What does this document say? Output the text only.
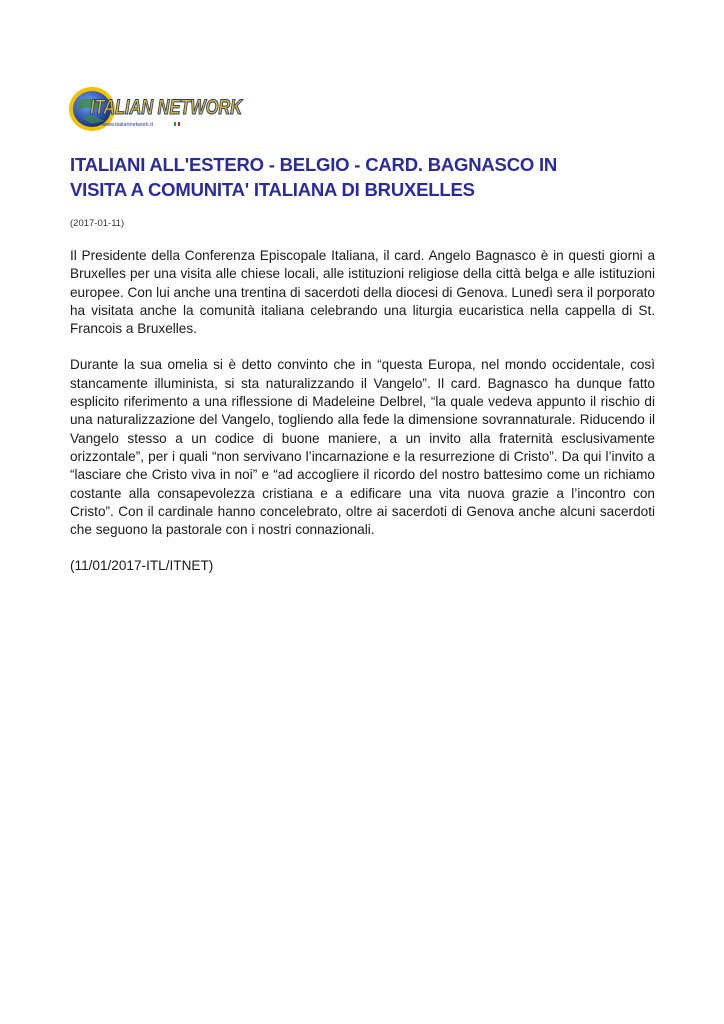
ITALIAN NETWORK
www.italiannetwork.it
ITALIANI ALL'ESTERO - BELGIO - CARD. BAGNASCO IN VISITA A COMUNITA' ITALIANA DI BRUXELLES
(2017-01-11)

Il Presidente della Conferenza Episcopale Italiana, il card. Angelo Bagnasco è in questi giorni a Bruxelles per una visita alle chiese locali, alle istituzioni religiose della città belga e alle istituzioni europee. Con lui anche una trentina di sacerdoti della diocesi di Genova. Lunedì sera il porporato ha visitata anche la comunità italiana celebrando una liturgia eucaristica nella cappella di St. Francois a Bruxelles.

Durante la sua omelia si è detto convinto che in “questa Europa, nel mondo occidentale, così stancamente illuminista, si sta naturalizzando il Vangelo”. Il card. Bagnasco ha dunque fatto esplicito riferimento a una riflessione di Madeleine Delbrel, “la quale vedeva appunto il rischio di una naturalizzazione del Vangelo, togliendo alla fede la dimensione sovrannaturale. Riducendo il Vangelo stesso a un codice di buone maniere, a un invito alla fraternità esclusivamente orizzontale”, per i quali “non servivano l’incarnazione e la resurrezione di Cristo”. Da qui l’invito a “lasciare che Cristo viva in noi” e “ad accogliere il ricordo del nostro battesimo come un richiamo costante alla consapevolezza cristiana e a edificare una vita nuova grazie a l’incontro con Cristo”. Con il cardinale hanno concelebrato, oltre ai sacerdoti di Genova anche alcuni sacerdoti che seguono la pastorale con i nostri connazionali.

(11/01/2017-ITL/ITNET)
